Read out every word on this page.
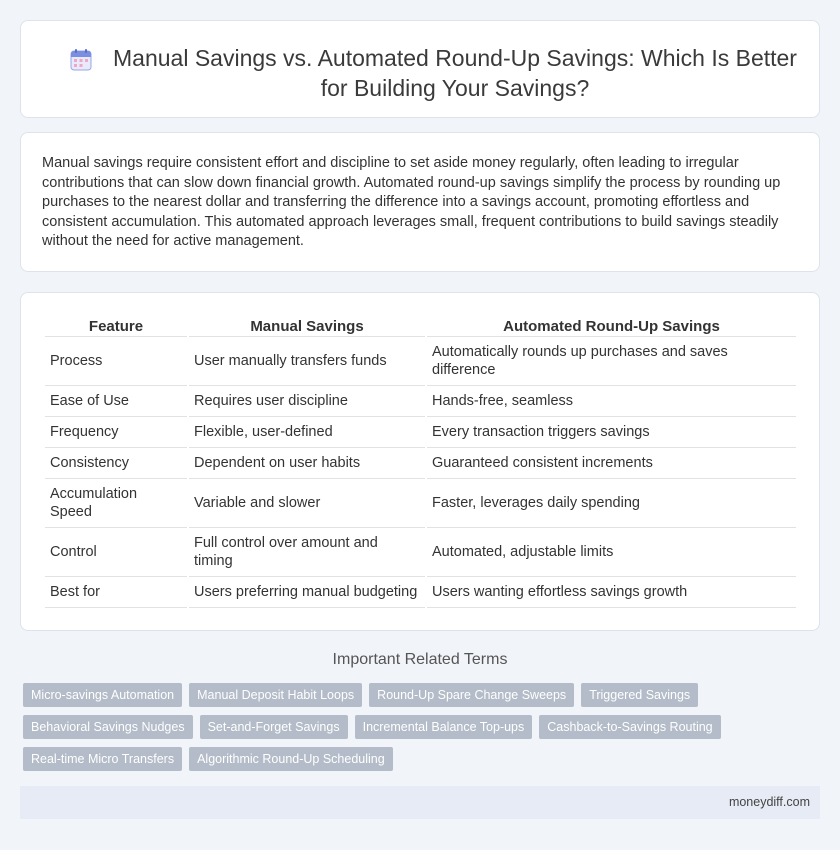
Manual Savings vs. Automated Round-Up Savings: Which Is Better for Building Your Savings?

Manual savings require consistent effort and discipline to set aside money regularly, often leading to irregular contributions that can slow down financial growth. Automated round-up savings simplify the process by rounding up purchases to the nearest dollar and transferring the difference into a savings account, promoting effortless and consistent accumulation. This automated approach leverages small, frequent contributions to build savings steadily without the need for active management.

Feature	Manual Savings	Automated Round-Up Savings
Process	User manually transfers funds	Automatically rounds up purchases and saves difference
Ease of Use	Requires user discipline	Hands-free, seamless
Frequency	Flexible, user-defined	Every transaction triggers savings
Consistency	Dependent on user habits	Guaranteed consistent increments
Accumulation Speed	Variable and slower	Faster, leverages daily spending
Control	Full control over amount and timing	Automated, adjustable limits
Best for	Users preferring manual budgeting	Users wanting effortless savings growth
Important Related Terms
Micro-savings Automation	Manual Deposit Habit Loops	Round-Up Spare Change Sweeps	Triggered Savings
Behavioral Savings Nudges	Set-and-Forget Savings	Incremental Balance Top-ups	Cashback-to-Savings Routing
Real-time Micro Transfers	Algorithmic Round-Up Scheduling
moneydiff.com
